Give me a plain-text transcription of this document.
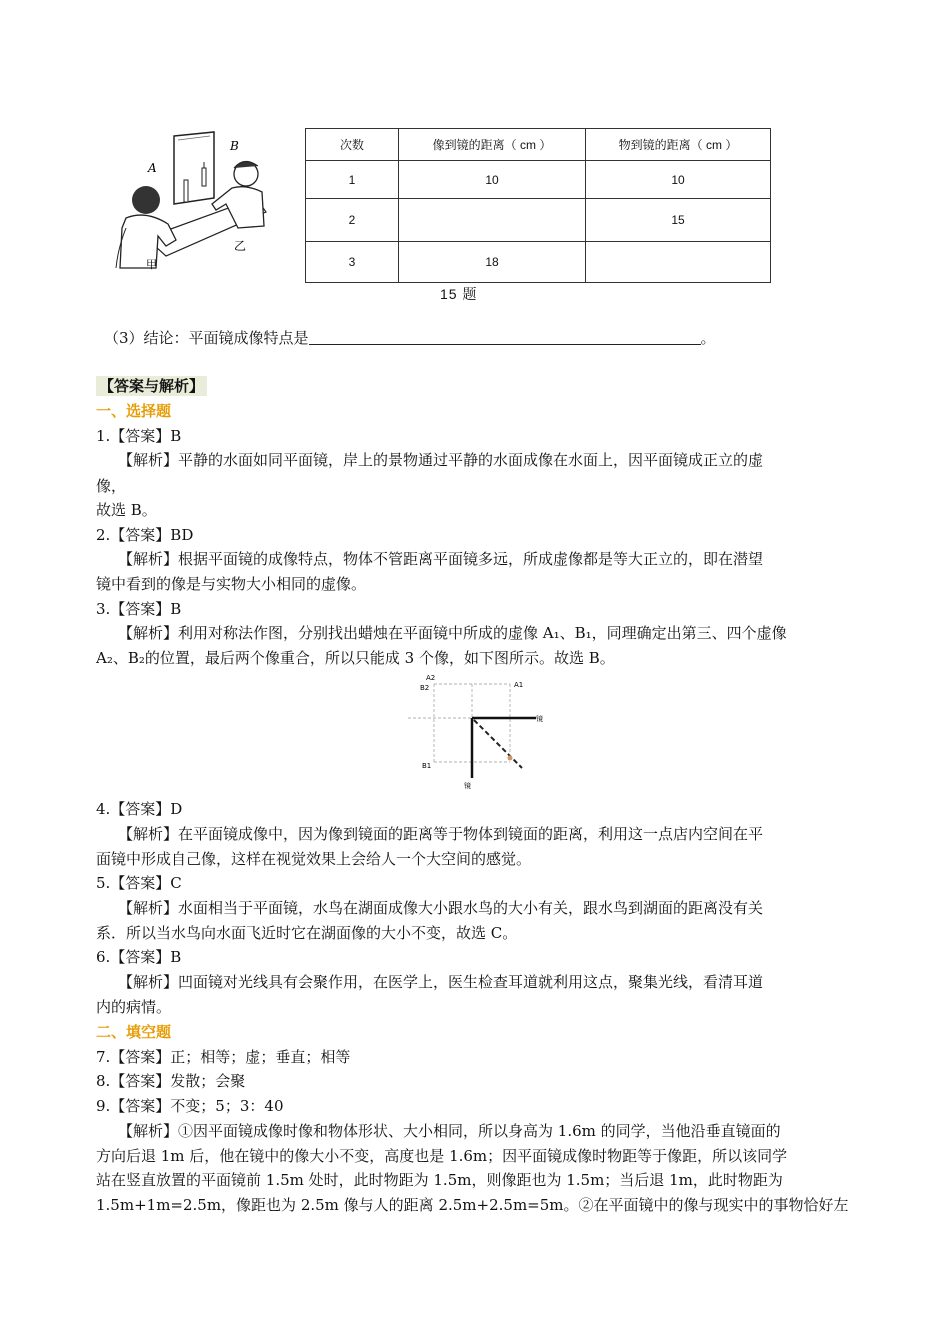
A
B
甲
乙
次数	像到镜的距离（ cm ）	物到镜的距离（ cm ）
1	10	10
2		15
3	18	
15 题
（3）结论：平面镜成像特点是	。
【答案与解析】
一、选择题
1.【答案】B
【解析】平静的水面如同平面镜，岸上的景物通过平静的水面成像在水面上，因平面镜成正立的虚
像，
故选 B。
2.【答案】BD
【解析】根据平面镜的成像特点，物体不管距离平面镜多远，所成虚像都是等大正立的，即在潜望
镜中看到的像是与实物大小相同的虚像。
3.【答案】B
【解析】利用对称法作图，分别找出蜡烛在平面镜中所成的虚像 A₁、B₁，同理确定出第三、四个虚像
A₂、B₂的位置，最后两个像重合，所以只能成 3 个像，如下图所示。故选 B。
A2
B2	A1
B1
镜
镜
4.【答案】D
【解析】在平面镜成像中，因为像到镜面的距离等于物体到镜面的距离，利用这一点店内空间在平
面镜中形成自己像，这样在视觉效果上会给人一个大空间的感觉。
5.【答案】C
【解析】水面相当于平面镜，水鸟在湖面成像大小跟水鸟的大小有关，跟水鸟到湖面的距离没有关
系．所以当水鸟向水面飞近时它在湖面像的大小不变，故选 C。
6.【答案】B
【解析】凹面镜对光线具有会聚作用，在医学上，医生检查耳道就利用这点，聚集光线，看清耳道
内的病情。
二、填空题
7.【答案】正；相等；虚；垂直；相等
8.【答案】发散；会聚
9.【答案】不变；5；3：40
【解析】①因平面镜成像时像和物体形状、大小相同，所以身高为 1.6m 的同学，当他沿垂直镜面的
方向后退 1m 后，他在镜中的像大小不变，高度也是 1.6m；因平面镜成像时物距等于像距，所以该同学
站在竖直放置的平面镜前 1.5m 处时，此时物距为 1.5m，则像距也为 1.5m；当后退 1m，此时物距为
1.5m+1m=2.5m，像距也为 2.5m 像与人的距离 2.5m+2.5m=5m。②在平面镜中的像与现实中的事物恰好左
